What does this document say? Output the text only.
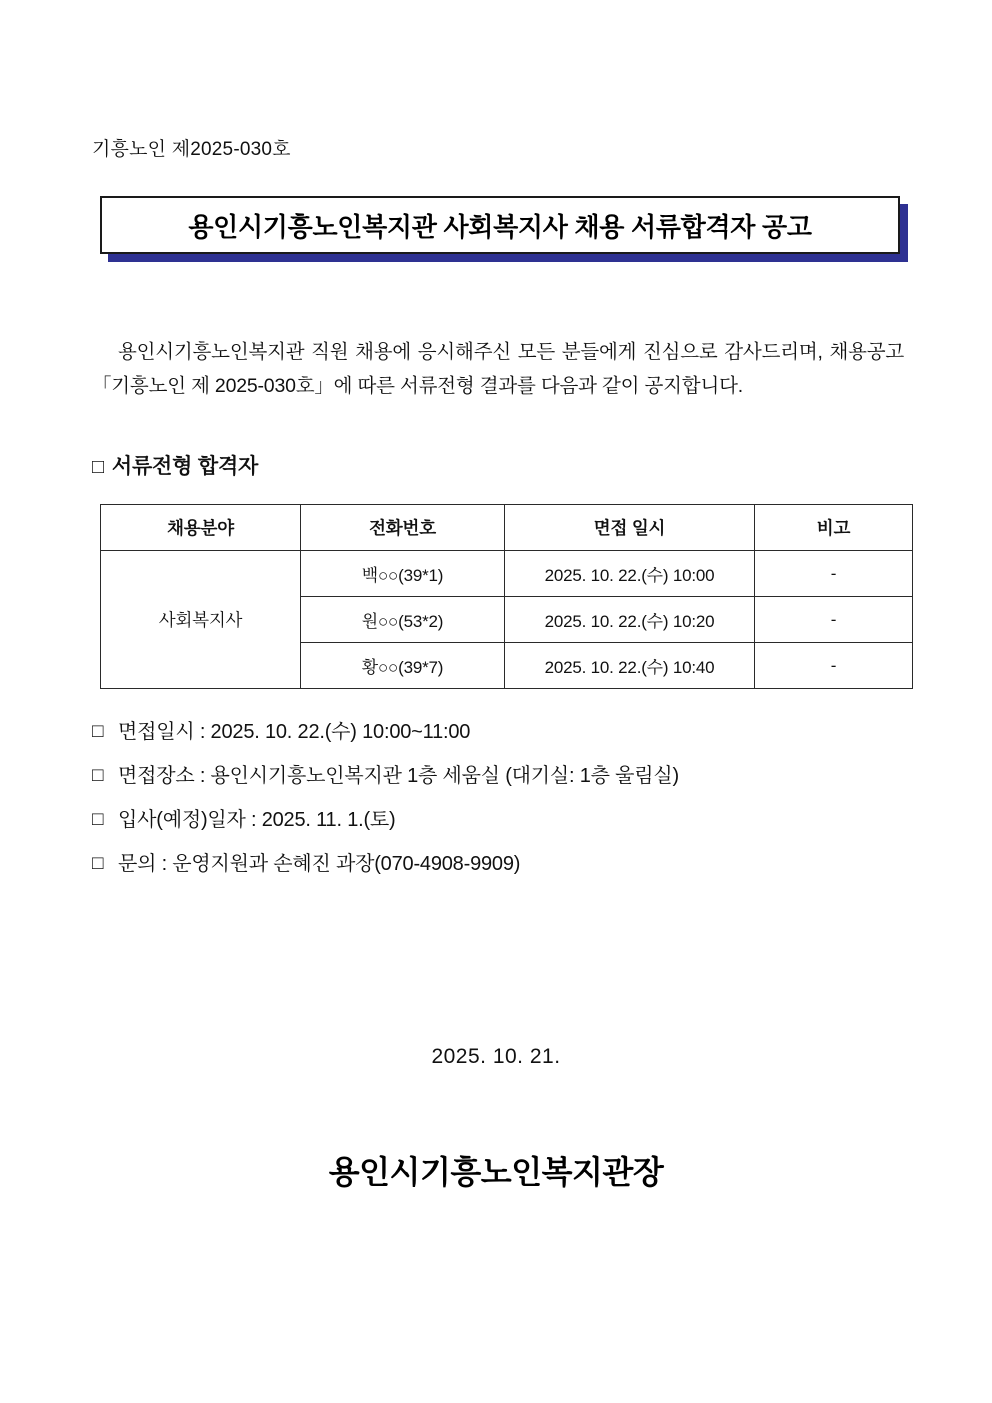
기흥노인 제2025-030호
용인시기흥노인복지관 사회복지사 채용 서류합격자 공고

용인시기흥노인복지관 직원 채용에 응시해주신 모든 분들에게 진심으로 감사드리며, 채용공고「기흥노인 제 2025-030호」에 따른 서류전형 결과를 다음과 같이 공지합니다.

□ 서류전형 합격자
채용분야	전화번호	면접 일시	비고
사회복지사	백○○(39*1)	2025. 10. 22.(수) 10:00	-
	원○○(53*2)	2025. 10. 22.(수) 10:20	-
	황○○(39*7)	2025. 10. 22.(수) 10:40	-
□ 면접일시 : 2025. 10. 22.(수) 10:00~11:00
□ 면접장소 : 용인시기흥노인복지관 1층 세움실 (대기실: 1층 울림실)
□ 입사(예정)일자 : 2025. 11. 1.(토)
□ 문의 : 운영지원과 손혜진 과장(070-4908-9909)
2025. 10. 21.
용인시기흥노인복지관장
